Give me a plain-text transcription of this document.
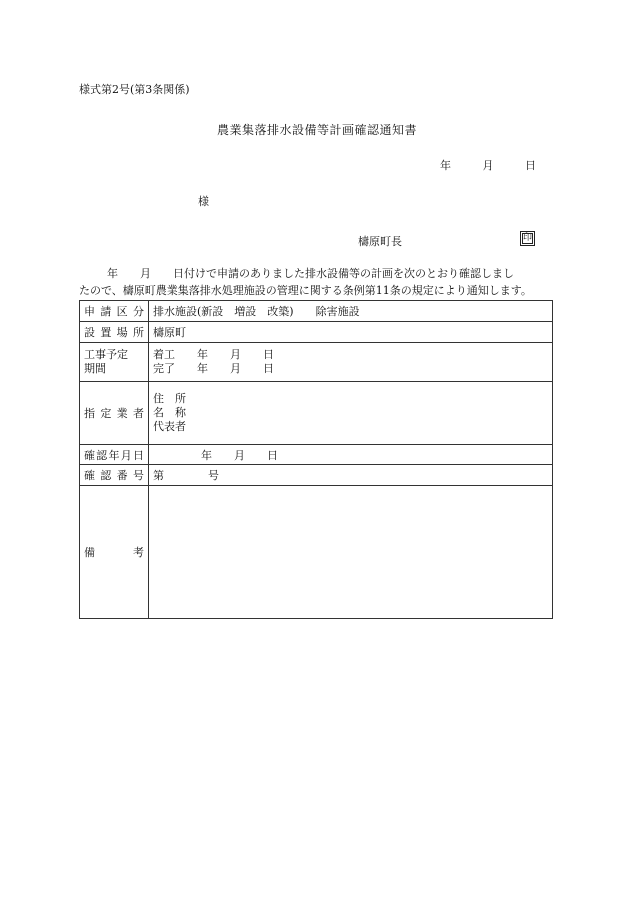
様式第2号(第3条関係)
農業集落排水設備等計画確認通知書
年	月	日
様
檮原町長	印
年　　月　　日付けで申請のありました排水設備等の計画を次のとおり確認しまし
たので、檮原町農業集落排水処理施設の管理に関する条例第11条の規定により通知します。
申 請 区 分	排水施設(新設　増設　改築)　　除害施設

設 置 場 所	檮原町

工事予定
期間	着工　　年　　月　　日
完了　　年　　月　　日

指 定 業 者	住　所
名　称
代表者

確 認 年 月 日	年　　月　　日

確 認 番 号	第　　　　号

備 考	
